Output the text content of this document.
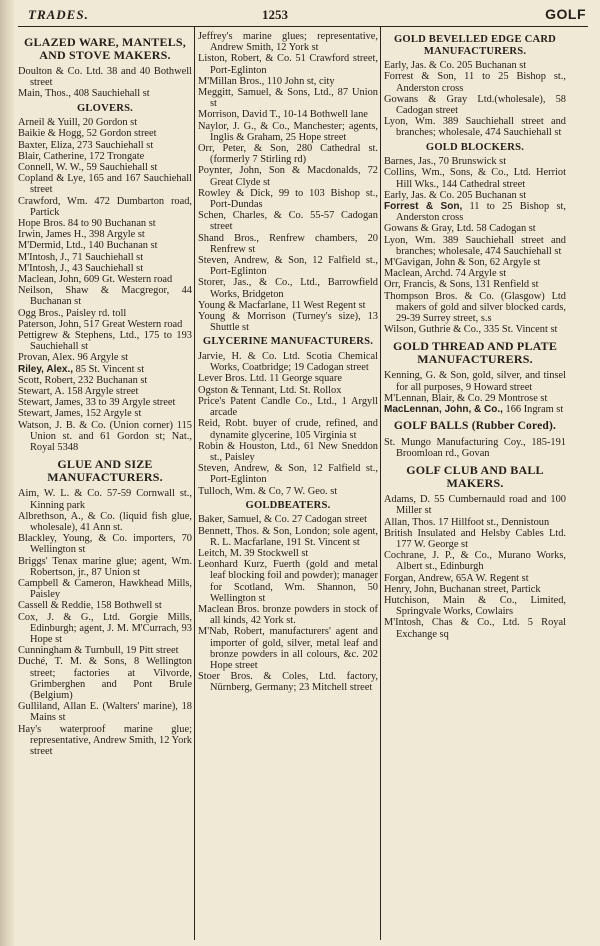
TRADES.	1253	GOLF
GLAZED WARE, MANTELS, AND STOVE MAKERS.

Doulton & Co. Ltd. 38 and 40 Bothwell street

Main, Thos., 408 Sauchiehall st

GLOVERS.

Arneil & Yuill, 20 Gordon st

Baikie & Hogg, 52 Gordon street

Baxter, Eliza, 273 Sauchiehall st

Blair, Catherine, 172 Trongate

Connell, W. W., 59 Sauchiehall st

Copland & Lye, 165 and 167 Sauchiehall street

Crawford, Wm. 472 Dumbarton road, Partick

Hope Bros. 84 to 90 Buchanan st

Irwin, James H., 398 Argyle st

M'Dermid, Ltd., 140 Buchanan st

M'Intosh, J., 71 Sauchiehall st

M'Intosh, J., 43 Sauchiehall st

Maclean, John, 609 Gt. Western road

Neilson, Shaw & Macgregor, 44 Buchanan st

Ogg Bros., Paisley rd. toll

Paterson, John, 517 Great Western road

Pettigrew & Stephens, Ltd., 175 to 193 Sauchiehall st

Provan, Alex. 96 Argyle st

Riley, Alex., 85 St. Vincent st

Scott, Robert, 232 Buchanan st

Stewart, A. 158 Argyle street

Stewart, James, 33 to 39 Argyle street

Stewart, James, 152 Argyle st

Watson, J. B. & Co. (Union corner) 115 Union st. and 61 Gordon st; Nat., Royal 5348

GLUE AND SIZE MANUFACTURERS.

Aim, W. L. & Co. 57-59 Cornwall st., Kinning park

Albrethson, A., & Co. (liquid fish glue, wholesale), 41 Ann st.

Blackley, Young, & Co. importers, 70 Wellington st

Briggs' Tenax marine glue; agent, Wm. Robertson, jr., 87 Union st

Campbell & Cameron, Hawkhead Mills, Paisley

Cassell & Reddie, 158 Bothwell st

Cox, J. & G., Ltd. Gorgie Mills, Edinburgh; agent, J. M. M'Currach, 93 Hope st

Cunningham & Turnbull, 19 Pitt street

Duché, T. M. & Sons, 8 Wellington street; factories at Vilvorde, Grimberghen and Pont Brule (Belgium)

Gulliland, Allan E. (Walters' marine), 18 Mains st

Hay's waterproof marine glue; representative, Andrew Smith, 12 York street

Jeffrey's marine glues; representative, Andrew Smith, 12 York st

Liston, Robert, & Co. 51 Crawford street, Port-Eglinton

M'Millan Bros., 110 John st, city

Meggitt, Samuel, & Sons, Ltd., 87 Union st

Morrison, David T., 10-14 Bothwell lane

Naylor, J. G., & Co., Manchester; agents, Inglis & Graham, 25 Hope street

Orr, Peter, & Son, 280 Cathedral st. (formerly 7 Stirling rd)

Poynter, John, Son & Macdonalds, 72 Great Clyde st

Rowley & Dick, 99 to 103 Bishop st., Port-Dundas

Schen, Charles, & Co. 55-57 Cadogan street

Shand Bros., Renfrew chambers, 20 Renfrew st

Steven, Andrew, & Son, 12 Falfield st., Port-Eglinton

Storer, Jas., & Co., Ltd., Barrowfield Works, Bridgeton

Young & Macfarlane, 11 West Regent st

Young & Morrison (Turney's size), 13 Shuttle st

GLYCERINE MANUFACTURERS.

Jarvie, H. & Co. Ltd. Scotia Chemical Works, Coatbridge; 19 Cadogan street

Lever Bros. Ltd. 11 George square

Ogston & Tennant, Ltd. St. Rollox

Price's Patent Candle Co., Ltd., 1 Argyll arcade

Reid, Robt. buyer of crude, refined, and dynamite glycerine, 105 Virginia st

Robin & Houston, Ltd., 61 New Sneddon st., Paisley

Steven, Andrew, & Son, 12 Falfield st., Port-Eglinton

Tulloch, Wm. & Co, 7 W. Geo. st

GOLDBEATERS.

Baker, Samuel, & Co. 27 Cadogan street

Bennett, Thos. & Son, London; sole agent, R. L. Macfarlane, 191 St. Vincent st

Leitch, M. 39 Stockwell st

Leonhard Kurz, Fuerth (gold and metal leaf blocking foil and powder); manager for Scotland, Wm. Shannon, 50 Wellington st

Maclean Bros. bronze powders in stock of all kinds, 42 York st.

M'Nab, Robert, manufacturers' agent and importer of gold, silver, metal leaf and bronze powders in all colours, &c. 202 Hope street

Stoer Bros. & Coles, Ltd. factory, Nürnberg, Germany; 23 Mitchell street

GOLD BEVELLED EDGE CARD MANUFACTURERS.

Early, Jas. & Co. 205 Buchanan st

Forrest & Son, 11 to 25 Bishop st., Anderston cross

Gowans & Gray Ltd.(wholesale), 58 Cadogan street

Lyon, Wm. 389 Sauchiehall street and branches; wholesale, 474 Sauchiehall st

GOLD BLOCKERS.

Barnes, Jas., 70 Brunswick st

Collins, Wm., Sons, & Co., Ltd. Herriot Hill Wks., 144 Cathedral street

Early, Jas. & Co. 205 Buchanan st

Forrest & Son, 11 to 25 Bishop st, Anderston cross

Gowans & Gray, Ltd. 58 Cadogan st

Lyon, Wm. 389 Sauchiehall street and branches; wholesale, 474 Sauchiehall st

M'Gavigan, John & Son, 62 Argyle st

Maclean, Archd. 74 Argyle st

Orr, Francis, & Sons, 131 Renfield st

Thompson Bros. & Co. (Glasgow) Ltd makers of gold and silver blocked cards, 29-39 Surrey street, s.s

Wilson, Guthrie & Co., 335 St. Vincent st

GOLD THREAD AND PLATE MANUFACTURERS.

Kenning, G. & Son, gold, silver, and tinsel for all purposes, 9 Howard street

M'Lennan, Blair, & Co. 29 Montrose st

MacLennan, John, & Co., 166 Ingram st

GOLF BALLS (Rubber Cored).

St. Mungo Manufacturing Coy., 185-191 Broomloan rd., Govan

GOLF CLUB AND BALL MAKERS.

Adams, D. 55 Cumbernauld road and 100 Miller st

Allan, Thos. 17 Hillfoot st., Dennistoun

British Insulated and Helsby Cables Ltd. 177 W. George st

Cochrane, J. P., & Co., Murano Works, Albert st., Edinburgh

Forgan, Andrew, 65A W. Regent st

Henry, John, Buchanan street, Partick

Hutchison, Main & Co., Limited, Springvale Works, Cowlairs

M'Intosh, Chas & Co., Ltd. 5 Royal Exchange sq
